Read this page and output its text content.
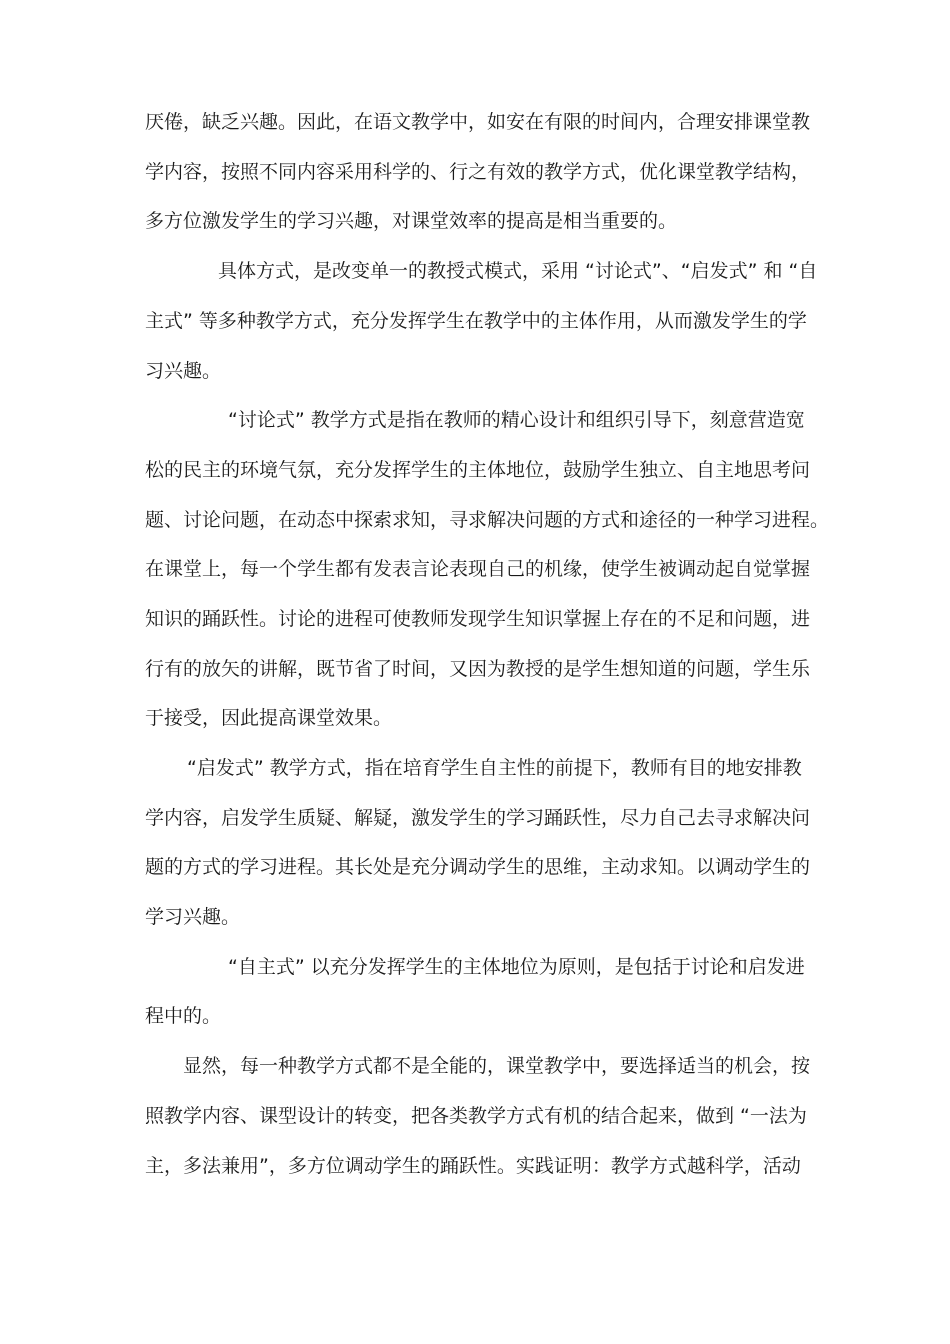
厌倦，缺乏兴趣。因此，在语文教学中，如安在有限的时间内，合理安排课堂教
学内容，按照不同内容采用科学的、行之有效的教学方式，优化课堂教学结构，
多方位激发学生的学习兴趣，对课堂效率的提高是相当重要的。
具体方式，是改变单一的教授式模式，采用 “讨论式”、“启发式” 和 “自
主式” 等多种教学方式，充分发挥学生在教学中的主体作用，从而激发学生的学
习兴趣。
“讨论式” 教学方式是指在教师的精心设计和组织引导下，刻意营造宽
松的民主的环境气氛，充分发挥学生的主体地位，鼓励学生独立、自主地思考问
题、讨论问题，在动态中探索求知，寻求解决问题的方式和途径的一种学习进程。
在课堂上，每一个学生都有发表言论表现自己的机缘，使学生被调动起自觉掌握
知识的踊跃性。讨论的进程可使教师发现学生知识掌握上存在的不足和问题，进
行有的放矢的讲解，既节省了时间，又因为教授的是学生想知道的问题，学生乐
于接受，因此提高课堂效果。
“启发式” 教学方式，指在培育学生自主性的前提下，教师有目的地安排教
学内容，启发学生质疑、解疑，激发学生的学习踊跃性，尽力自己去寻求解决问
题的方式的学习进程。其长处是充分调动学生的思维，主动求知。以调动学生的
学习兴趣。
“自主式” 以充分发挥学生的主体地位为原则，是包括于讨论和启发进
程中的。
显然，每一种教学方式都不是全能的，课堂教学中，要选择适当的机会，按
照教学内容、课型设计的转变，把各类教学方式有机的结合起来，做到 “一法为
主，多法兼用”，多方位调动学生的踊跃性。实践证明：教学方式越科学，活动
